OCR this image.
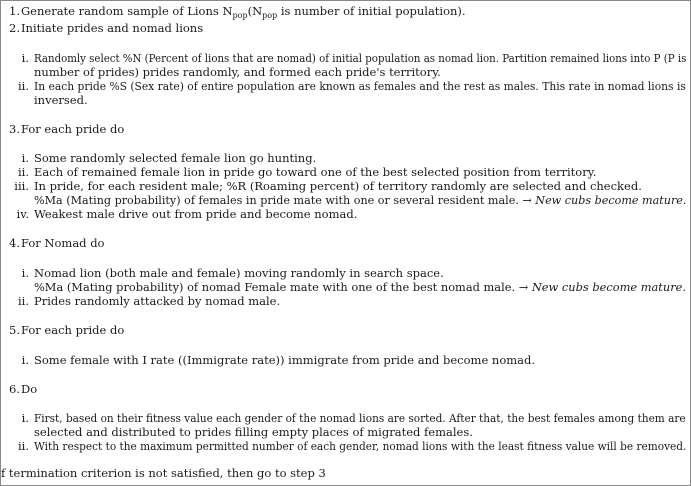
1. Generate random sample of Lions $N_{pop}(N_{pop}$ is number of initial population).
2. Initiate prides and nomad lions
i. Randomly select %N (Percent of lions that are nomad) of initial population as nomad lion. Partition remained lions into P (P is
number of prides) prides randomly, and formed each pride's territory.
ii. In each pride %S (Sex rate) of entire population are known as females and the rest as males. This rate in nomad lions is
inversed.
3. For each pride do
i. Some randomly selected female lion go hunting.
ii. Each of remained female lion in pride go toward one of the best selected position from territory.
iii. In pride, for each resident male; %R (Roaming percent) of territory randomly are selected and checked.
%Ma (Mating probability) of females in pride mate with one or several resident male. → New cubs become mature.
iv. Weakest male drive out from pride and become nomad.
4. For Nomad do
i. Nomad lion (both male and female) moving randomly in search space.
%Ma (Mating probability) of nomad Female mate with one of the best nomad male. → New cubs become mature.
ii. Prides randomly attacked by nomad male.
5. For each pride do
i. Some female with I rate ((Immigrate rate)) immigrate from pride and become nomad.
6. Do
i. First, based on their fitness value each gender of the nomad lions are sorted. After that, the best females among them are
selected and distributed to prides filling empty places of migrated females.
ii. With respect to the maximum permitted number of each gender, nomad lions with the least fitness value will be removed.
f termination criterion is not satisfied, then go to step 3
